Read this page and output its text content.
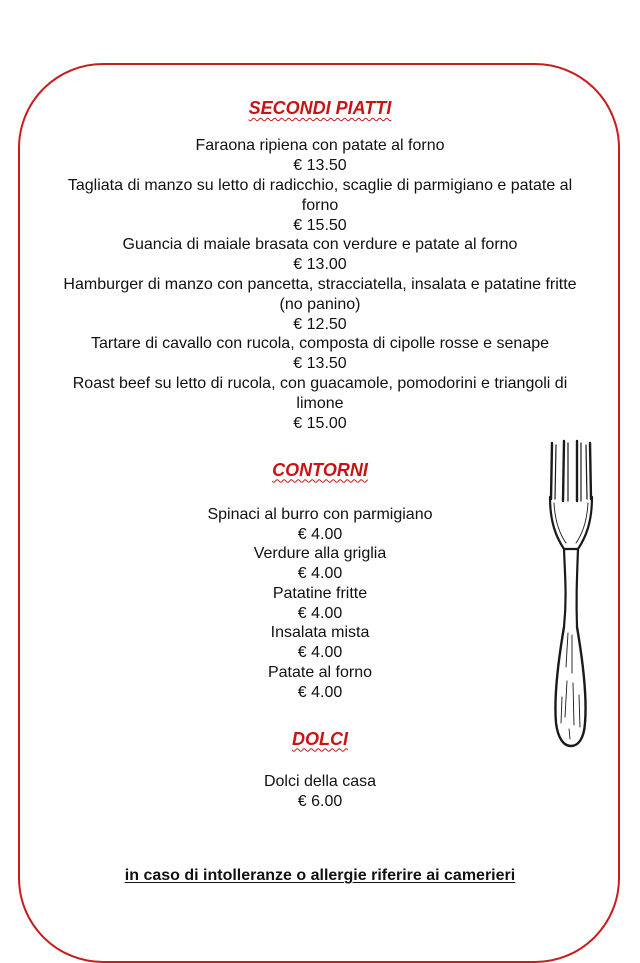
SECONDI PIATTI
Faraona ripiena con patate al forno
€ 13.50
Tagliata di manzo su letto di radicchio, scaglie di parmigiano e patate al forno
€ 15.50
Guancia di maiale brasata con verdure e patate al forno
€ 13.00
Hamburger di manzo con pancetta, stracciatella, insalata e patatine fritte (no panino)
€ 12.50
Tartare di cavallo con rucola, composta di cipolle rosse e senape
€ 13.50
Roast beef su letto di rucola, con guacamole, pomodorini e triangoli di limone
€ 15.00
CONTORNI
Spinaci al burro con parmigiano
€ 4.00
Verdure alla griglia
€ 4.00
Patatine fritte
€ 4.00
Insalata mista
€ 4.00
Patate al forno
€ 4.00
DOLCI
Dolci della casa
€ 6.00
in caso di intolleranze o allergie riferire ai camerieri
